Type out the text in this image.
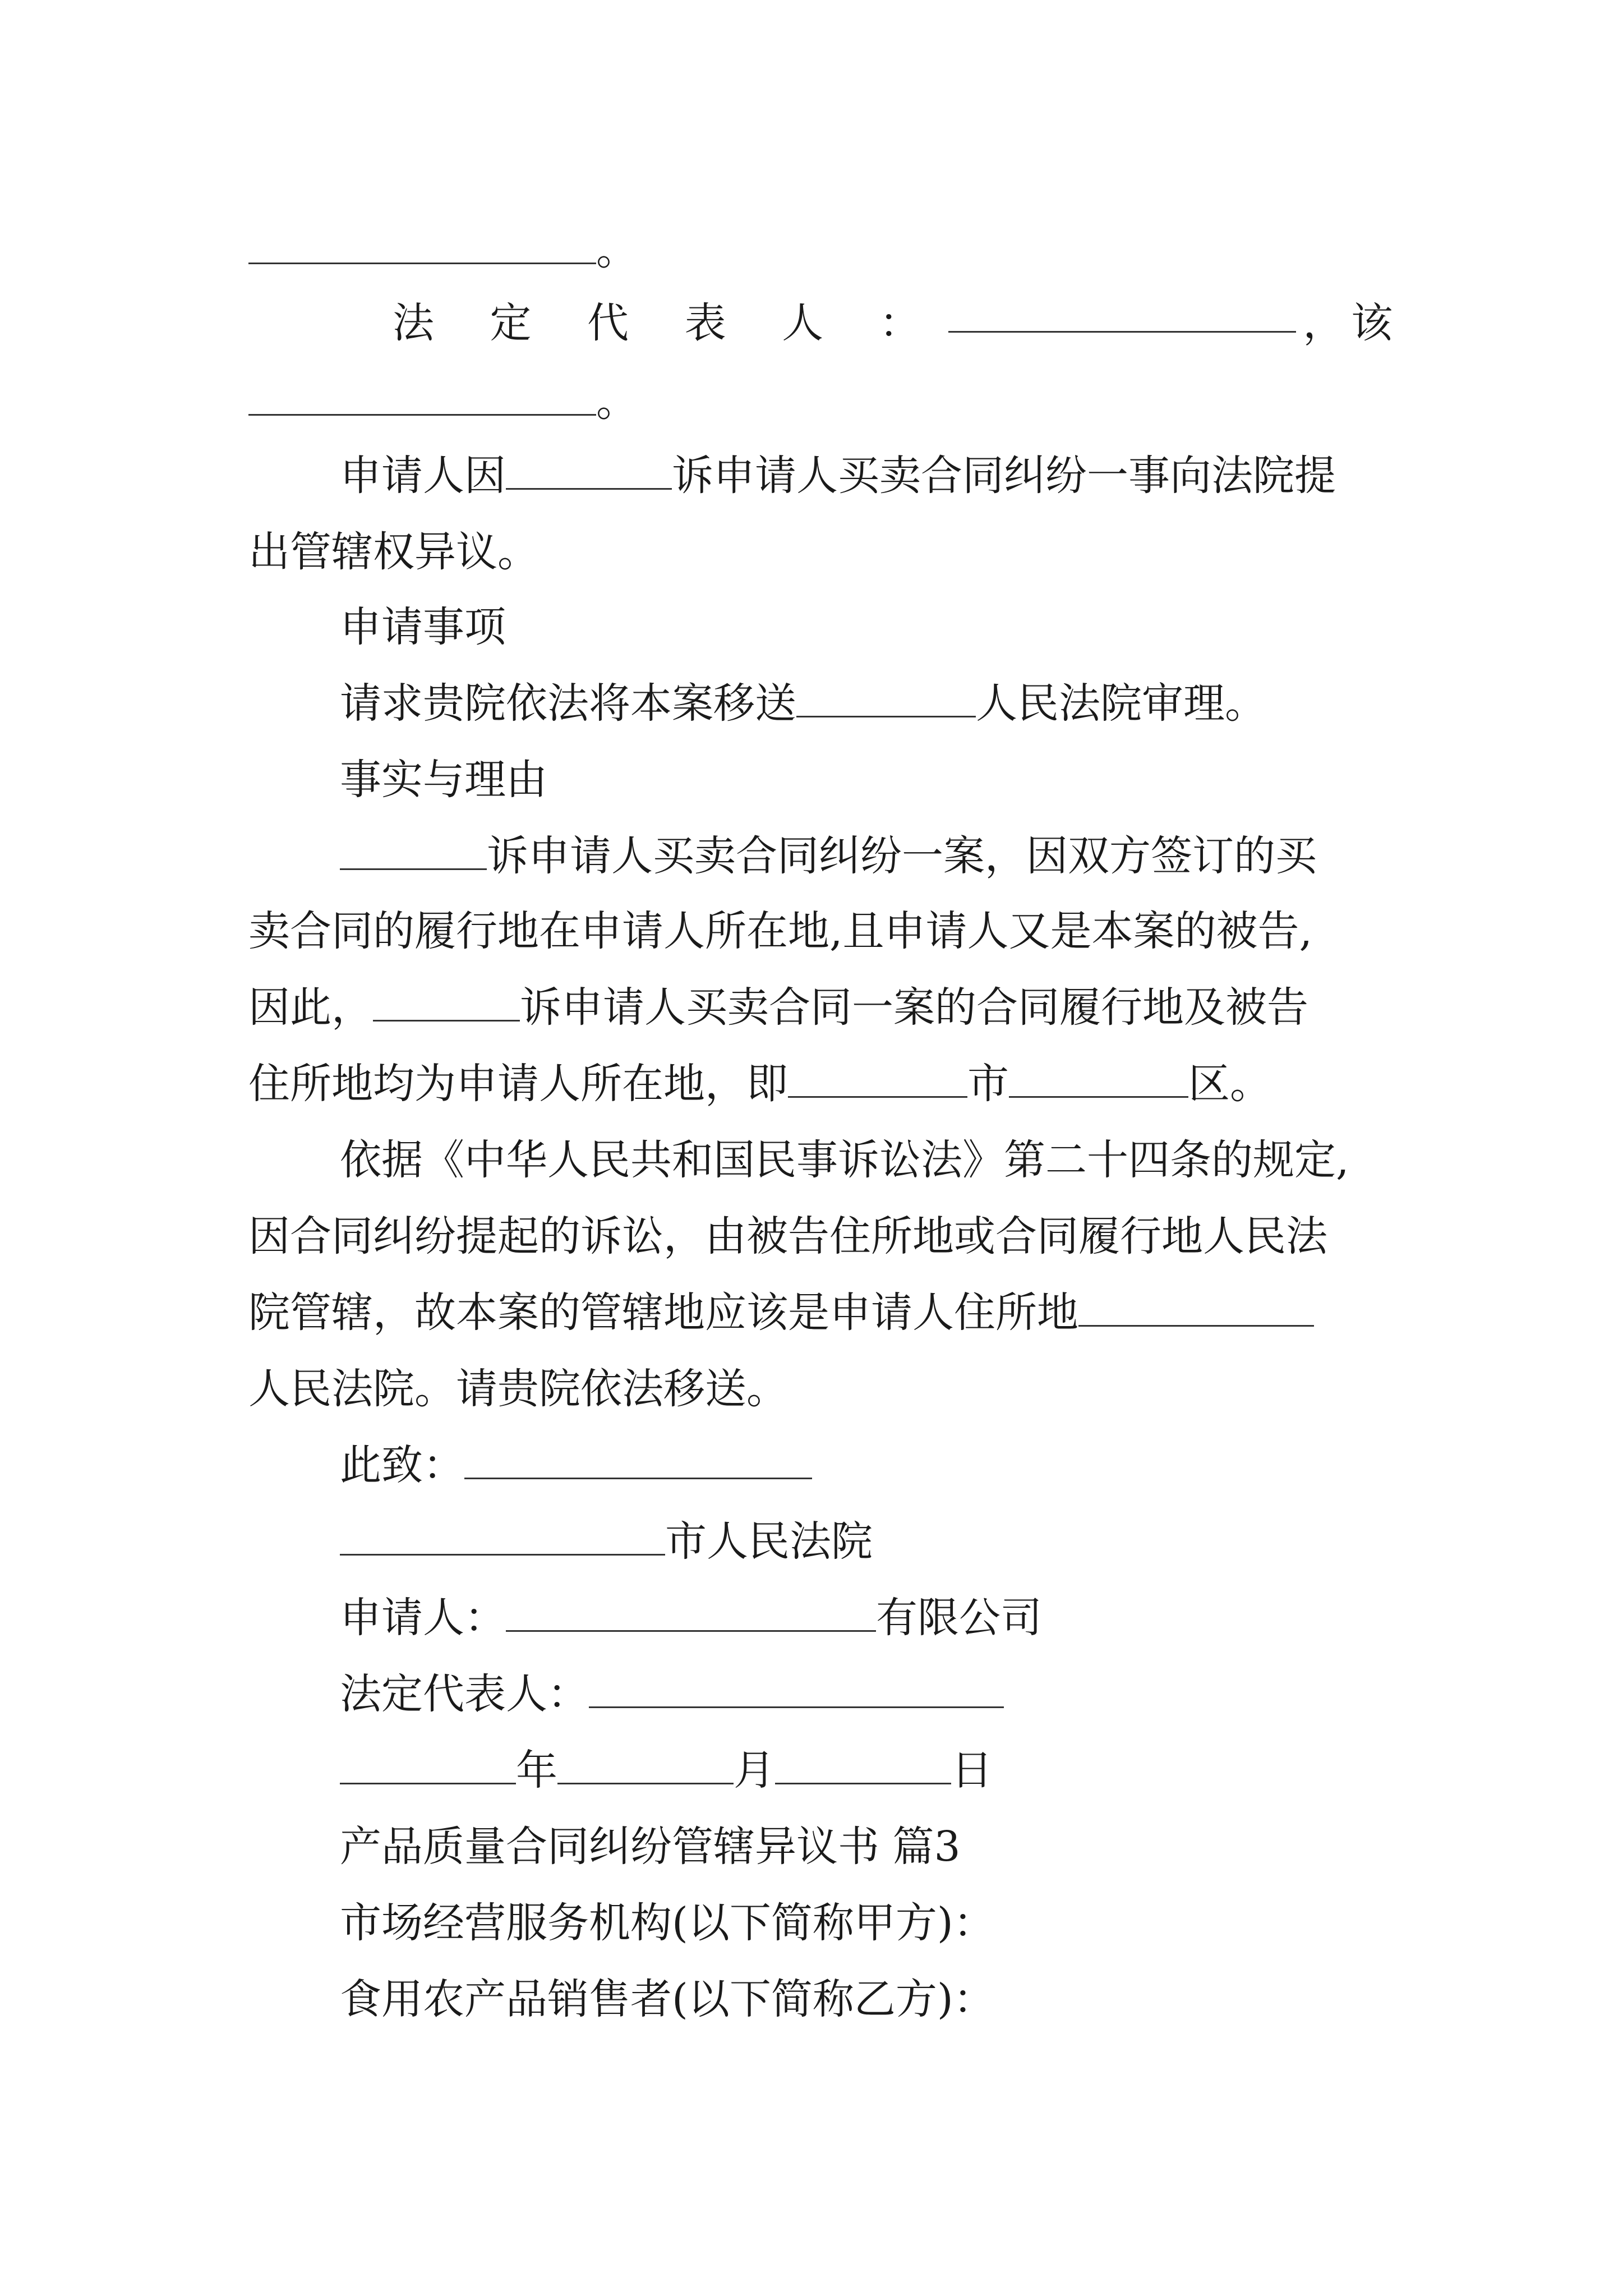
。
法 定 代 表 人 ：	， 该
。
申请人因	诉申请人买卖合同纠纷一事向法院提
出管辖权异议。
申请事项
请求贵院依法将本案移送	人民法院审理。
事实与理由
诉申请人买卖合同纠纷一案，因双方签订的买
卖合同的履行地在申请人所在地,且申请人又是本案的被告,
因此，	诉申请人买卖合同一案的合同履行地及被告
住所地均为申请人所在地，即	市	区。
依据《中华人民共和国民事诉讼法》第二十四条的规定,
因合同纠纷提起的诉讼，由被告住所地或合同履行地人民法
院管辖，故本案的管辖地应该是申请人住所地
人民法院。请贵院依法移送。
此致：
市人民法院
申请人：	有限公司
法定代表人：
年	月	日
产品质量合同纠纷管辖异议书 篇3
市场经营服务机构(以下简称甲方)：
食用农产品销售者(以下简称乙方)：
